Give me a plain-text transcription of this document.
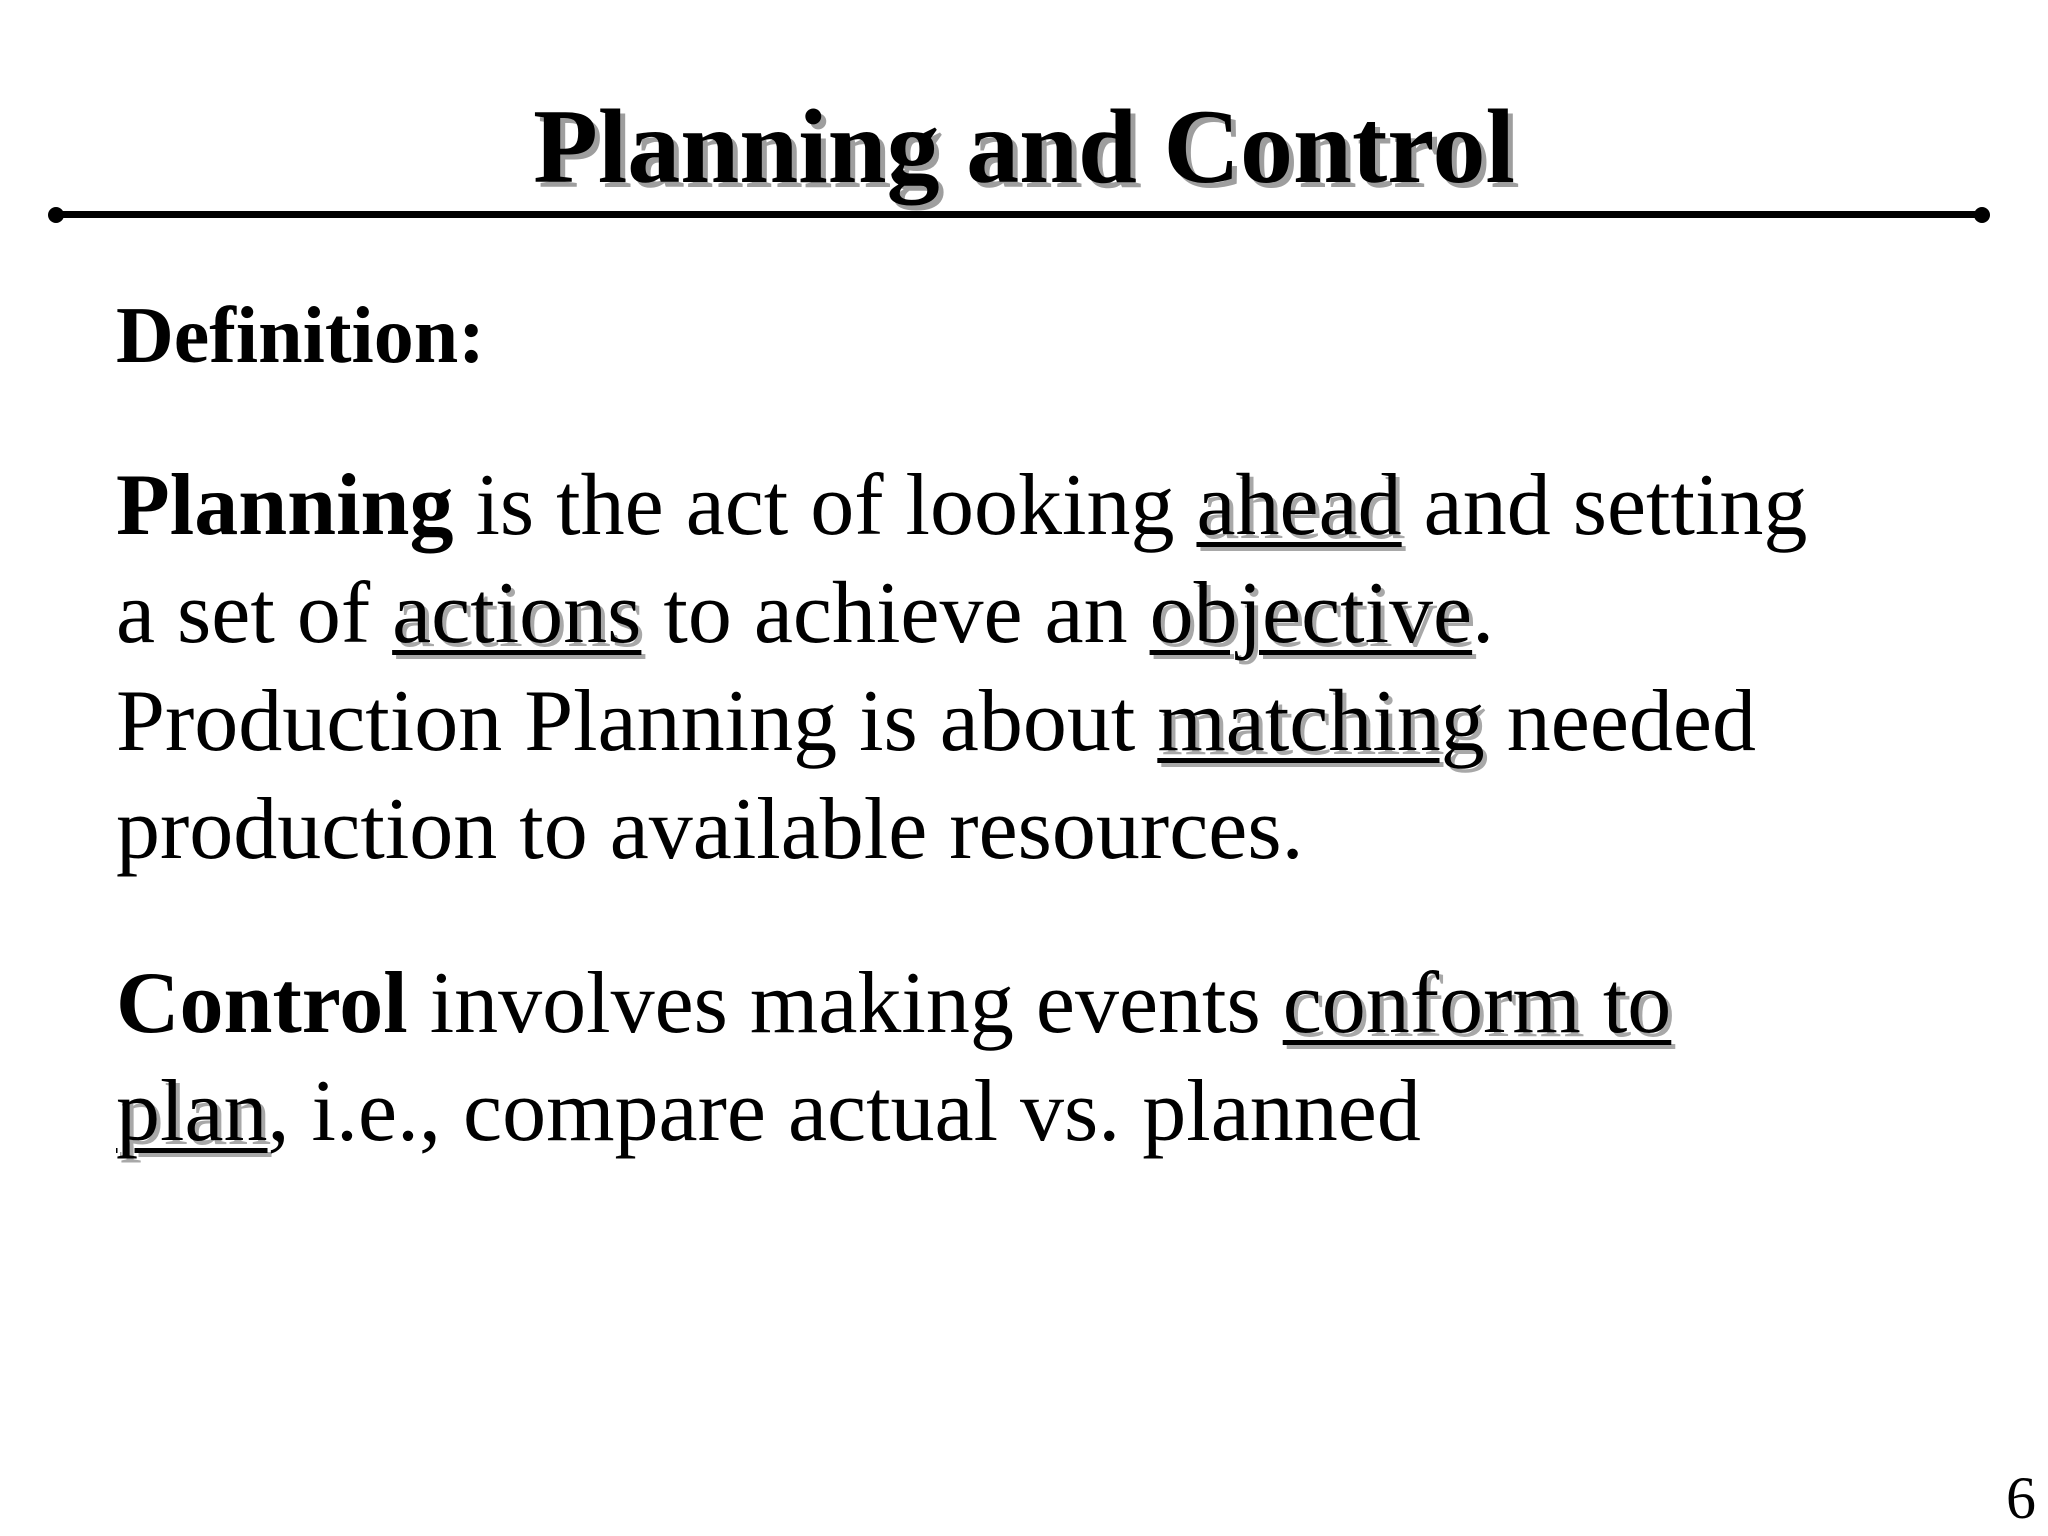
Planning and Control

Definition:

Planning is the act of looking ahead and setting
a set of actions to achieve an objective.
Production Planning is about matching needed
production to available resources.

Control involves making events conform to
plan, i.e., compare actual vs. planned

6
